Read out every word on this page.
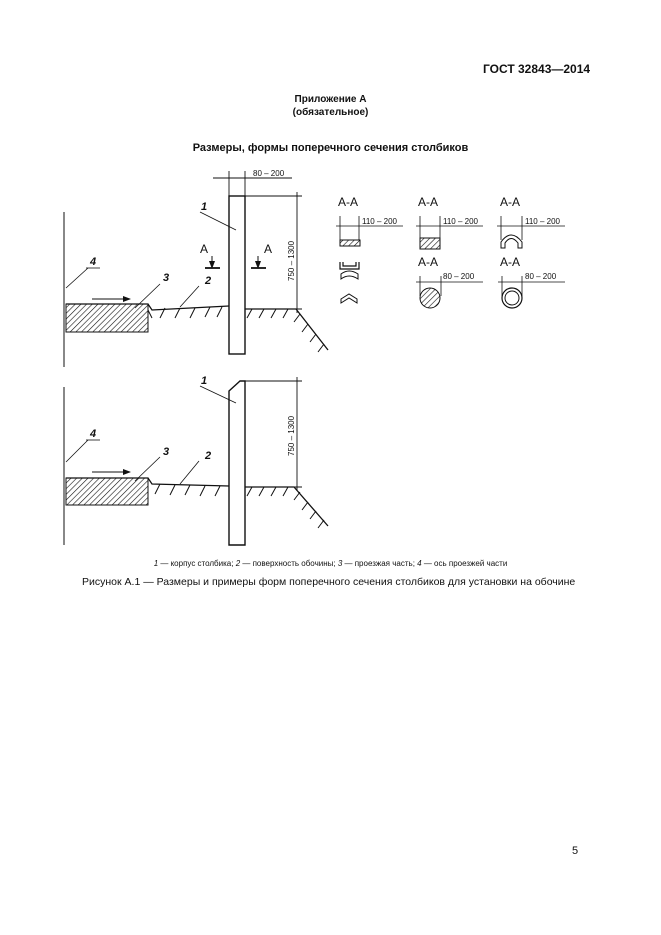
ГОСТ 32843—2014
Приложение А
(обязательное)
Размеры, формы поперечного сечения столбиков
80 – 200
750 – 1300
А	А
1
2
3
4
А-А
110 – 200
А-А
110 – 200
А-А
80 – 200
А-А
110 – 200
А-А
80 – 200
750 – 1300
1
2
3
4
1 — корпус столбика; 2 — поверхность обочины; 3 — проезжая часть; 4 — ось проезжей части
Рисунок А.1 — Размеры и примеры форм поперечного сечения столбиков для установки на обочине
5
